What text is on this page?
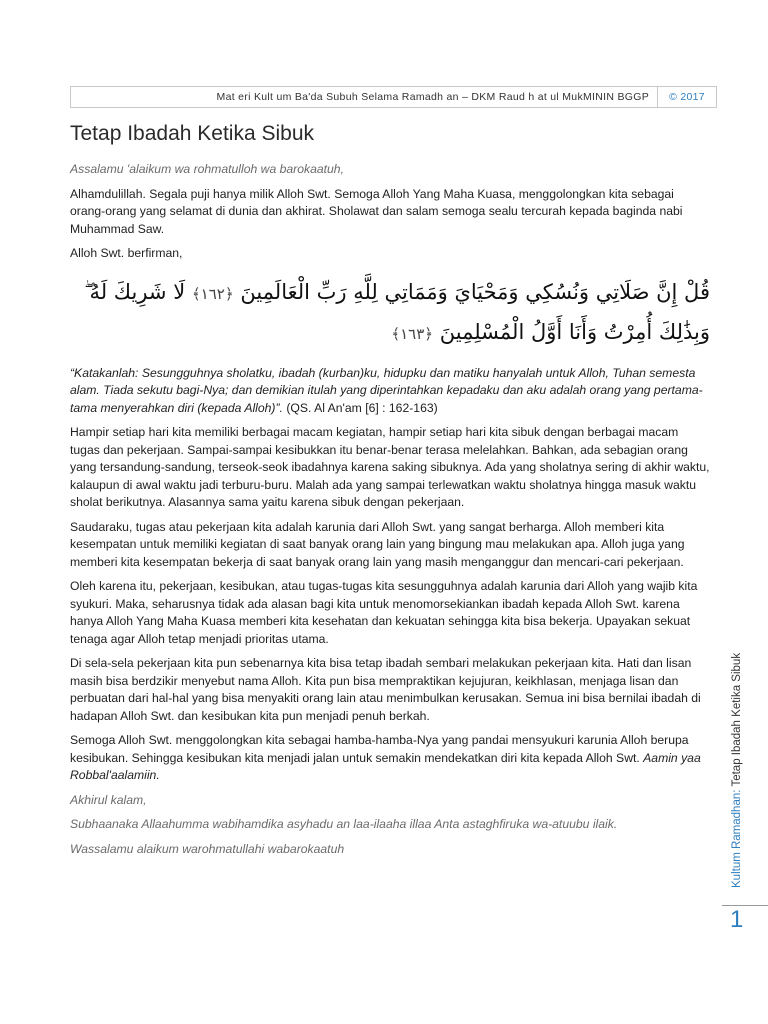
Mat eri Kult um Ba'da Subuh Selama Ramadh an – DKM Raud h at ul MukMININ BGGP	© 2017
Tetap Ibadah Ketika Sibuk

Assalamu 'alaikum wa rohmatulloh wa barokaatuh,

Alhamdulillah. Segala puji hanya milik Alloh Swt. Semoga Alloh Yang Maha Kuasa, menggolongkan kita sebagai orang-orang yang selamat di dunia dan akhirat. Sholawat dan salam semoga sealu tercurah kepada baginda nabi Muhammad Saw.

Alloh Swt. berfirman,

قُلْ إِنَّ صَلَاتِي وَنُسُكِي وَمَحْيَايَ وَمَمَاتِي لِلَّهِ رَبِّ الْعَالَمِينَ ﴿١٦٢﴾ لَا شَرِيكَ لَهُ ۖ وَبِذَٰلِكَ أُمِرْتُ وَأَنَا أَوَّلُ الْمُسْلِمِينَ ﴿١٦٣﴾

“Katakanlah: Sesungguhnya sholatku, ibadah (kurban)ku, hidupku dan matiku hanyalah untuk Alloh, Tuhan semesta alam. Tiada sekutu bagi-Nya; dan demikian itulah yang diperintahkan kepadaku dan aku adalah orang yang pertama-tama menyerahkan diri (kepada Alloh)”. (QS. Al An'am [6] : 162-163)

Hampir setiap hari kita memiliki berbagai macam kegiatan, hampir setiap hari kita sibuk dengan berbagai macam tugas dan pekerjaan. Sampai-sampai kesibukkan itu benar-benar terasa melelahkan. Bahkan, ada sebagian orang yang tersandung-sandung, terseok-seok ibadahnya karena saking sibuknya. Ada yang sholatnya sering di akhir waktu, kalaupun di awal waktu jadi terburu-buru. Malah ada yang sampai terlewatkan waktu sholatnya hingga masuk waktu sholat berikutnya. Alasannya sama yaitu karena sibuk dengan pekerjaan.

Saudaraku, tugas atau pekerjaan kita adalah karunia dari Alloh Swt. yang sangat berharga. Alloh memberi kita kesempatan untuk memiliki kegiatan di saat banyak orang lain yang bingung mau melakukan apa. Alloh juga yang memberi kita kesempatan bekerja di saat banyak orang lain yang masih menganggur dan mencari-cari pekerjaan.

Oleh karena itu, pekerjaan, kesibukan, atau tugas-tugas kita sesungguhnya adalah karunia dari Alloh yang wajib kita syukuri. Maka, seharusnya tidak ada alasan bagi kita untuk menomorsekiankan ibadah kepada Alloh Swt. karena hanya Alloh Yang Maha Kuasa memberi kita kesehatan dan kekuatan sehingga kita bisa bekerja. Upayakan sekuat tenaga agar Alloh tetap menjadi prioritas utama.

Di sela-sela pekerjaan kita pun sebenarnya kita bisa tetap ibadah sembari melakukan pekerjaan kita. Hati dan lisan masih bisa berdzikir menyebut nama Alloh. Kita pun bisa mempraktikan kejujuran, keikhlasan, menjaga lisan dan perbuatan dari hal-hal yang bisa menyakiti orang lain atau menimbulkan kerusakan. Semua ini bisa bernilai ibadah di hadapan Alloh Swt. dan kesibukan kita pun menjadi penuh berkah.

Semoga Alloh Swt. menggolongkan kita sebagai hamba-hamba-Nya yang pandai mensyukuri karunia Alloh berupa kesibukan. Sehingga kesibukan kita menjadi jalan untuk semakin mendekatkan diri kita kepada Alloh Swt. Aamin yaa Robbal'aalamiin.

Akhirul kalam,

Subhaanaka Allaahumma wabihamdika asyhadu an laa-ilaaha illaa Anta astaghfiruka wa-atuubu ilaik.

Wassalamu alaikum warohmatullahi wabarokaatuh	Kultum Ramadhan: Tetap Ibadah Ketika Sibuk
1
